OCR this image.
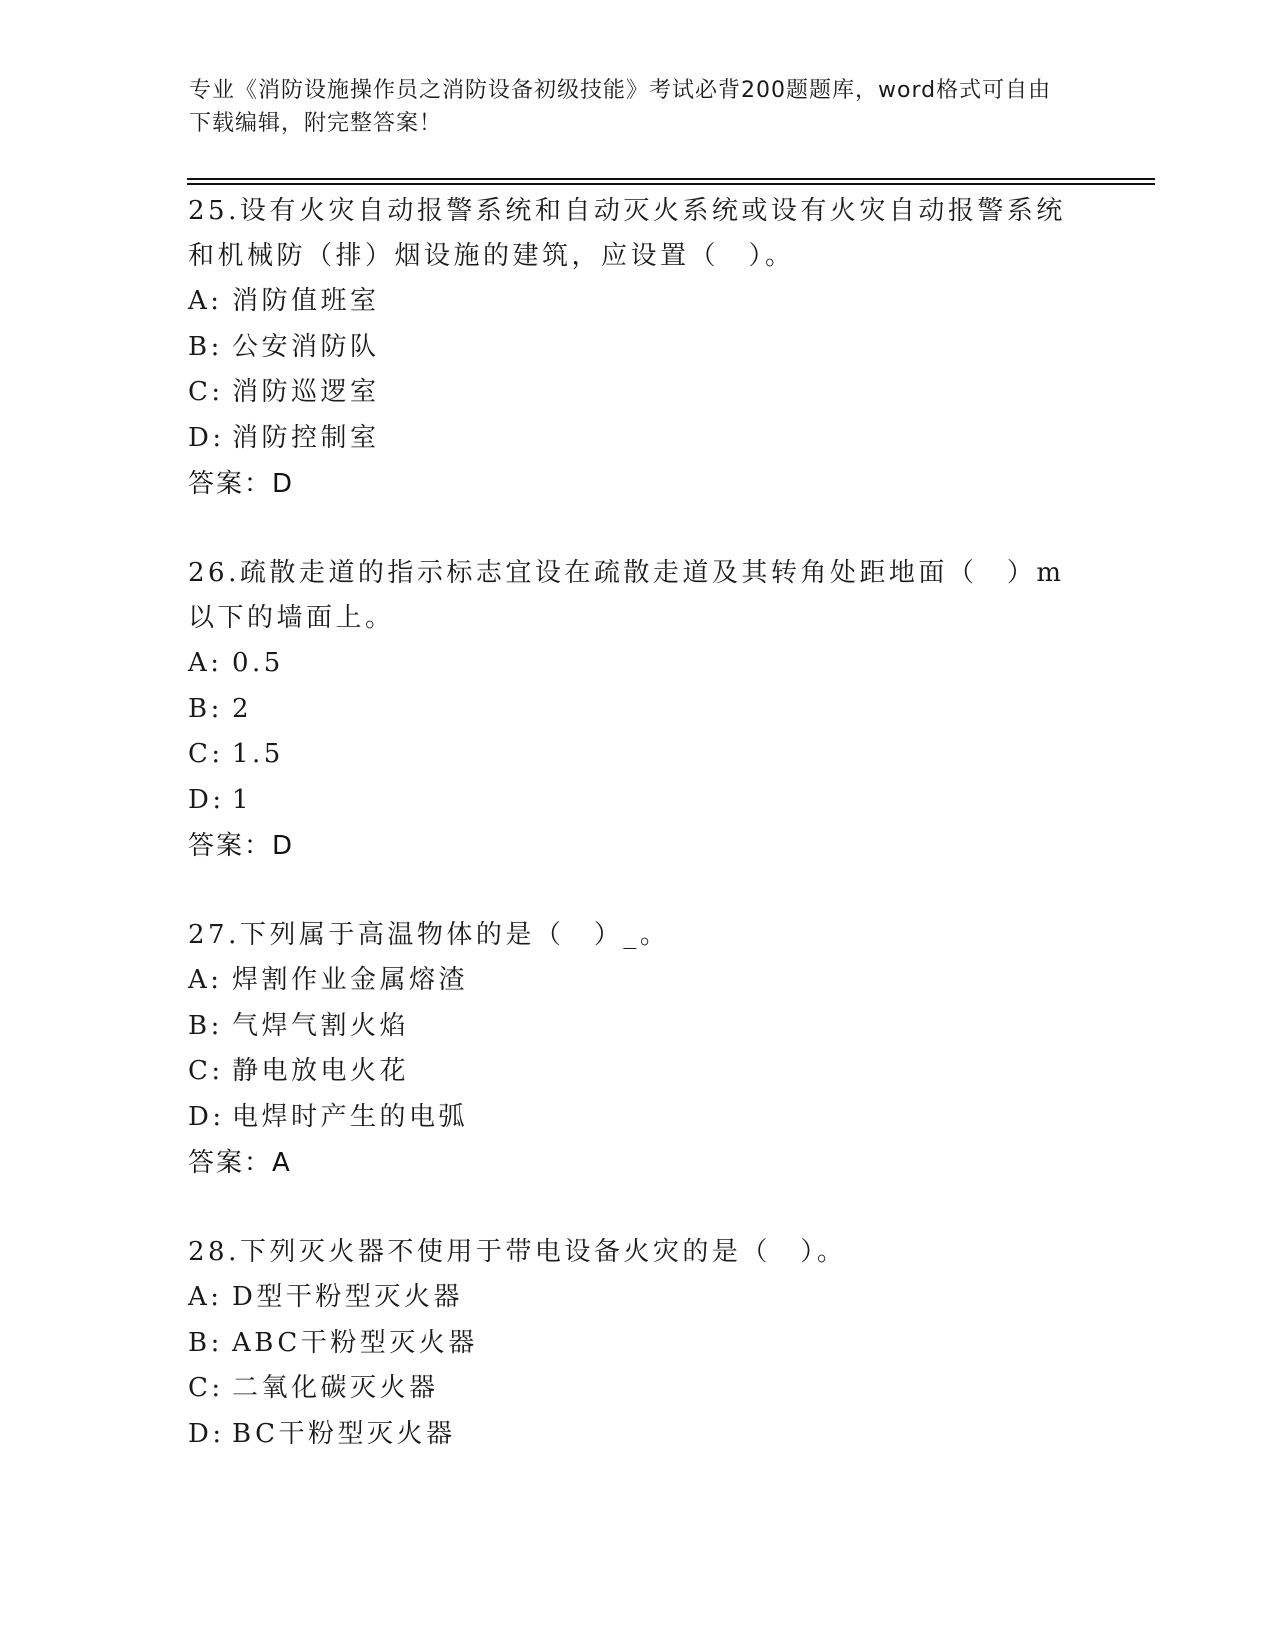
专业《消防设施操作员之消防设备初级技能》考试必背200题题库，word格式可自由下载编辑，附完整答案！

25.设有火灾自动报警系统和自动灭火系统或设有火灾自动报警系统和机械防（排）烟设施的建筑，应设置（　）。

A: 消防值班室

B: 公安消防队

C: 消防巡逻室

D: 消防控制室

答案：D

26.疏散走道的指示标志宜设在疏散走道及其转角处距地面（　）m以下的墙面上。

A: 0.5

B: 2

C: 1.5

D: 1

答案：D

27.下列属于高温物体的是（　）_。

A: 焊割作业金属熔渣

B: 气焊气割火焰

C: 静电放电火花

D: 电焊时产生的电弧

答案：A

28.下列灭火器不使用于带电设备火灾的是（　）。

A: D型干粉型灭火器

B: ABC干粉型灭火器

C: 二氧化碳灭火器

D: BC干粉型灭火器
